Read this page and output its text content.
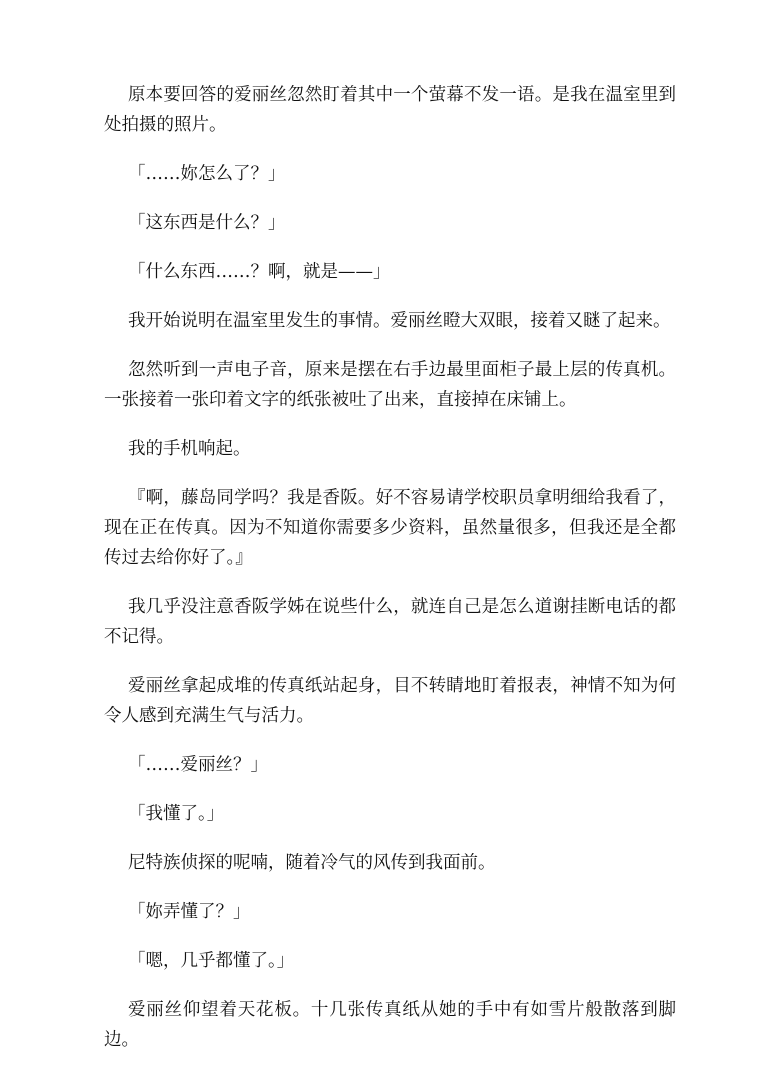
原本要回答的爱丽丝忽然盯着其中一个萤幕不发一语。是我在温室里到处拍摄的照片。

「……妳怎么了？」

「这东西是什么？」

「什么东西……？啊，就是——」

我开始说明在温室里发生的事情。爱丽丝瞪大双眼，接着又瞇了起来。

忽然听到一声电子音，原来是摆在右手边最里面柜子最上层的传真机。一张接着一张印着文字的纸张被吐了出来，直接掉在床铺上。

我的手机响起。

『啊，藤岛同学吗？我是香阪。好不容易请学校职员拿明细给我看了，现在正在传真。因为不知道你需要多少资料，虽然量很多，但我还是全都传过去给你好了。』

我几乎没注意香阪学姊在说些什么，就连自己是怎么道谢挂断电话的都不记得。

爱丽丝拿起成堆的传真纸站起身，目不转睛地盯着报表，神情不知为何令人感到充满生气与活力。

「……爱丽丝？」

「我懂了。」

尼特族侦探的呢喃，随着冷气的风传到我面前。

「妳弄懂了？」

「嗯，几乎都懂了。」

爱丽丝仰望着天花板。十几张传真纸从她的手中有如雪片般散落到脚边。
